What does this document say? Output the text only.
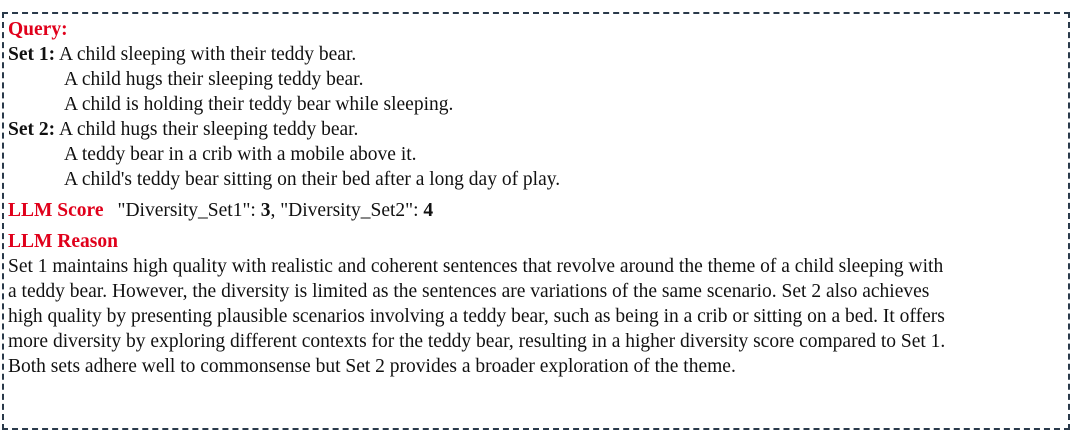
Query:
Set 1: A child sleeping with their teddy bear.
A child hugs their sleeping teddy bear.
A child is holding their teddy bear while sleeping.
Set 2: A child hugs their sleeping teddy bear.
A teddy bear in a crib with a mobile above it.
A child's teddy bear sitting on their bed after a long day of play.
LLM Score "Diversity_Set1": 3, "Diversity_Set2": 4
LLM Reason
Set 1 maintains high quality with realistic and coherent sentences that revolve around the theme of a child sleeping with
a teddy bear. However, the diversity is limited as the sentences are variations of the same scenario. Set 2 also achieves
high quality by presenting plausible scenarios involving a teddy bear, such as being in a crib or sitting on a bed. It offers
more diversity by exploring different contexts for the teddy bear, resulting in a higher diversity score compared to Set 1.
Both sets adhere well to commonsense but Set 2 provides a broader exploration of the theme.
